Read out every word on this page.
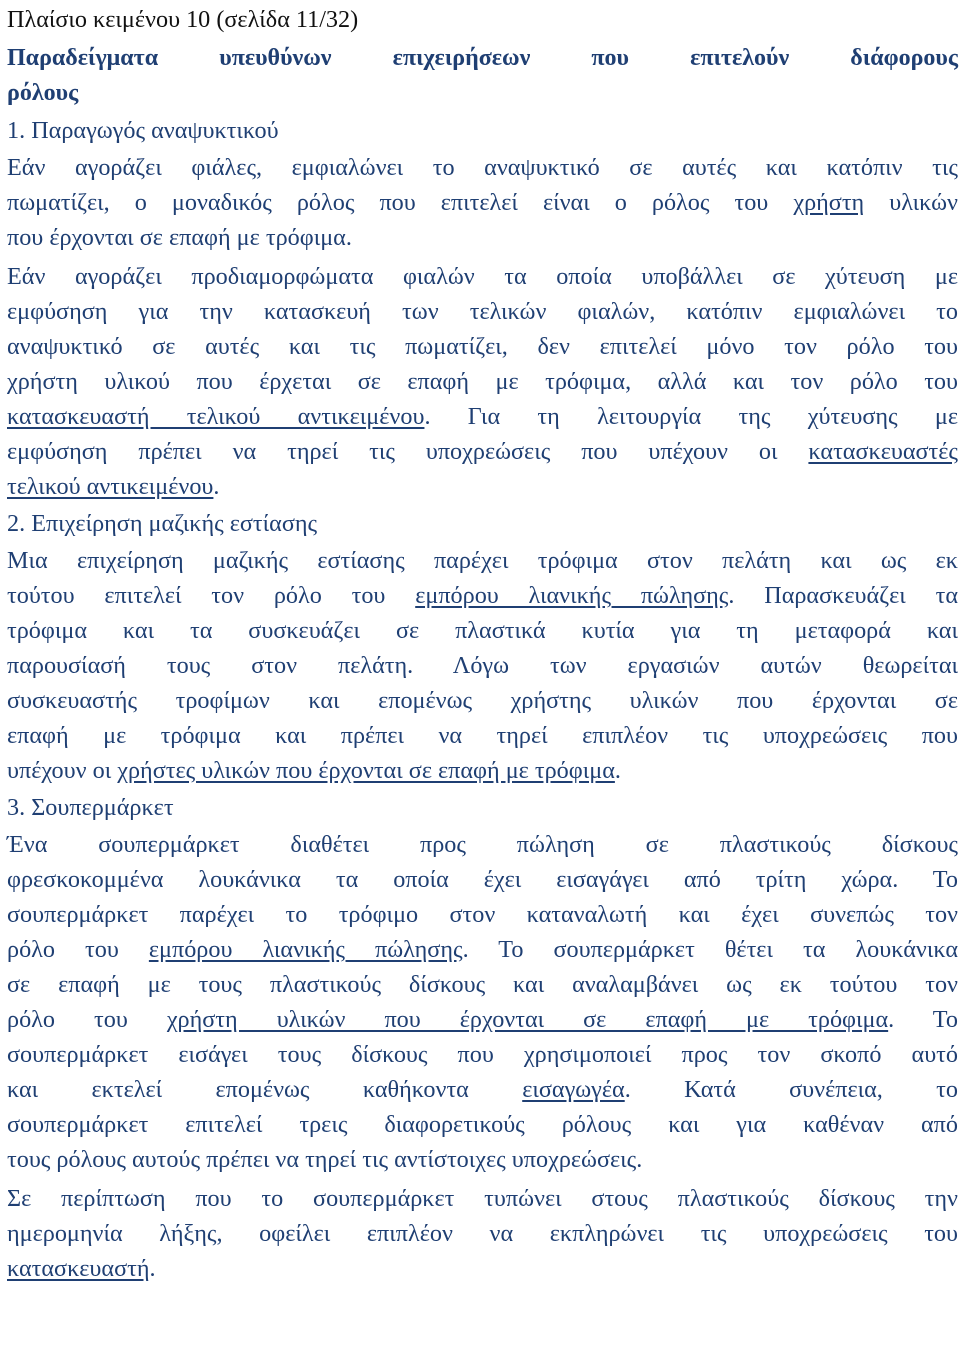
Πλαίσιο κειμένου 10 (σελίδα 11/32)
Παραδείγματα υπευθύνων επιχειρήσεων που επιτελούν διάφορους
ρόλους
1. Παραγωγός αναψυκτικού
Εάν αγοράζει φιάλες, εμφιαλώνει το αναψυκτικό σε αυτές και κατόπιν τις
πωματίζει, ο μοναδικός ρόλος που επιτελεί είναι ο ρόλος του χρήστη υλικών
που έρχονται σε επαφή με τρόφιμα.
Εάν αγοράζει προδιαμορφώματα φιαλών τα οποία υποβάλλει σε χύτευση με
εμφύσηση για την κατασκευή των τελικών φιαλών, κατόπιν εμφιαλώνει το
αναψυκτικό σε αυτές και τις πωματίζει, δεν επιτελεί μόνο τον ρόλο του
χρήστη υλικού που έρχεται σε επαφή με τρόφιμα, αλλά και τον ρόλο του
κατασκευαστή τελικού αντικειμένου. Για τη λειτουργία της χύτευσης με
εμφύσηση πρέπει να τηρεί τις υποχρεώσεις που υπέχουν οι κατασκευαστές
τελικού αντικειμένου.
2. Επιχείρηση μαζικής εστίασης
Μια επιχείρηση μαζικής εστίασης παρέχει τρόφιμα στον πελάτη και ως εκ
τούτου επιτελεί τον ρόλο του εμπόρου λιανικής πώλησης. Παρασκευάζει τα
τρόφιμα και τα συσκευάζει σε πλαστικά κυτία για τη μεταφορά και
παρουσίασή τους στον πελάτη. Λόγω των εργασιών αυτών θεωρείται
συσκευαστής τροφίμων και επομένως χρήστης υλικών που έρχονται σε
επαφή με τρόφιμα και πρέπει να τηρεί επιπλέον τις υποχρεώσεις που
υπέχουν οι χρήστες υλικών που έρχονται σε επαφή με τρόφιμα.
3. Σουπερμάρκετ
Ένα σουπερμάρκετ διαθέτει προς πώληση σε πλαστικούς δίσκους
φρεσκοκομμένα λουκάνικα τα οποία έχει εισαγάγει από τρίτη χώρα. Το
σουπερμάρκετ παρέχει το τρόφιμο στον καταναλωτή και έχει συνεπώς τον
ρόλο του εμπόρου λιανικής πώλησης. Το σουπερμάρκετ θέτει τα λουκάνικα
σε επαφή με τους πλαστικούς δίσκους και αναλαμβάνει ως εκ τούτου τον
ρόλο του χρήστη υλικών που έρχονται σε επαφή με τρόφιμα. Το
σουπερμάρκετ εισάγει τους δίσκους που χρησιμοποιεί προς τον σκοπό αυτό
και εκτελεί επομένως καθήκοντα εισαγωγέα. Κατά συνέπεια, το
σουπερμάρκετ επιτελεί τρεις διαφορετικούς ρόλους και για καθέναν από
τους ρόλους αυτούς πρέπει να τηρεί τις αντίστοιχες υποχρεώσεις.
Σε περίπτωση που το σουπερμάρκετ τυπώνει στους πλαστικούς δίσκους την
ημερομηνία λήξης, οφείλει επιπλέον να εκπληρώνει τις υποχρεώσεις του
κατασκευαστή.
